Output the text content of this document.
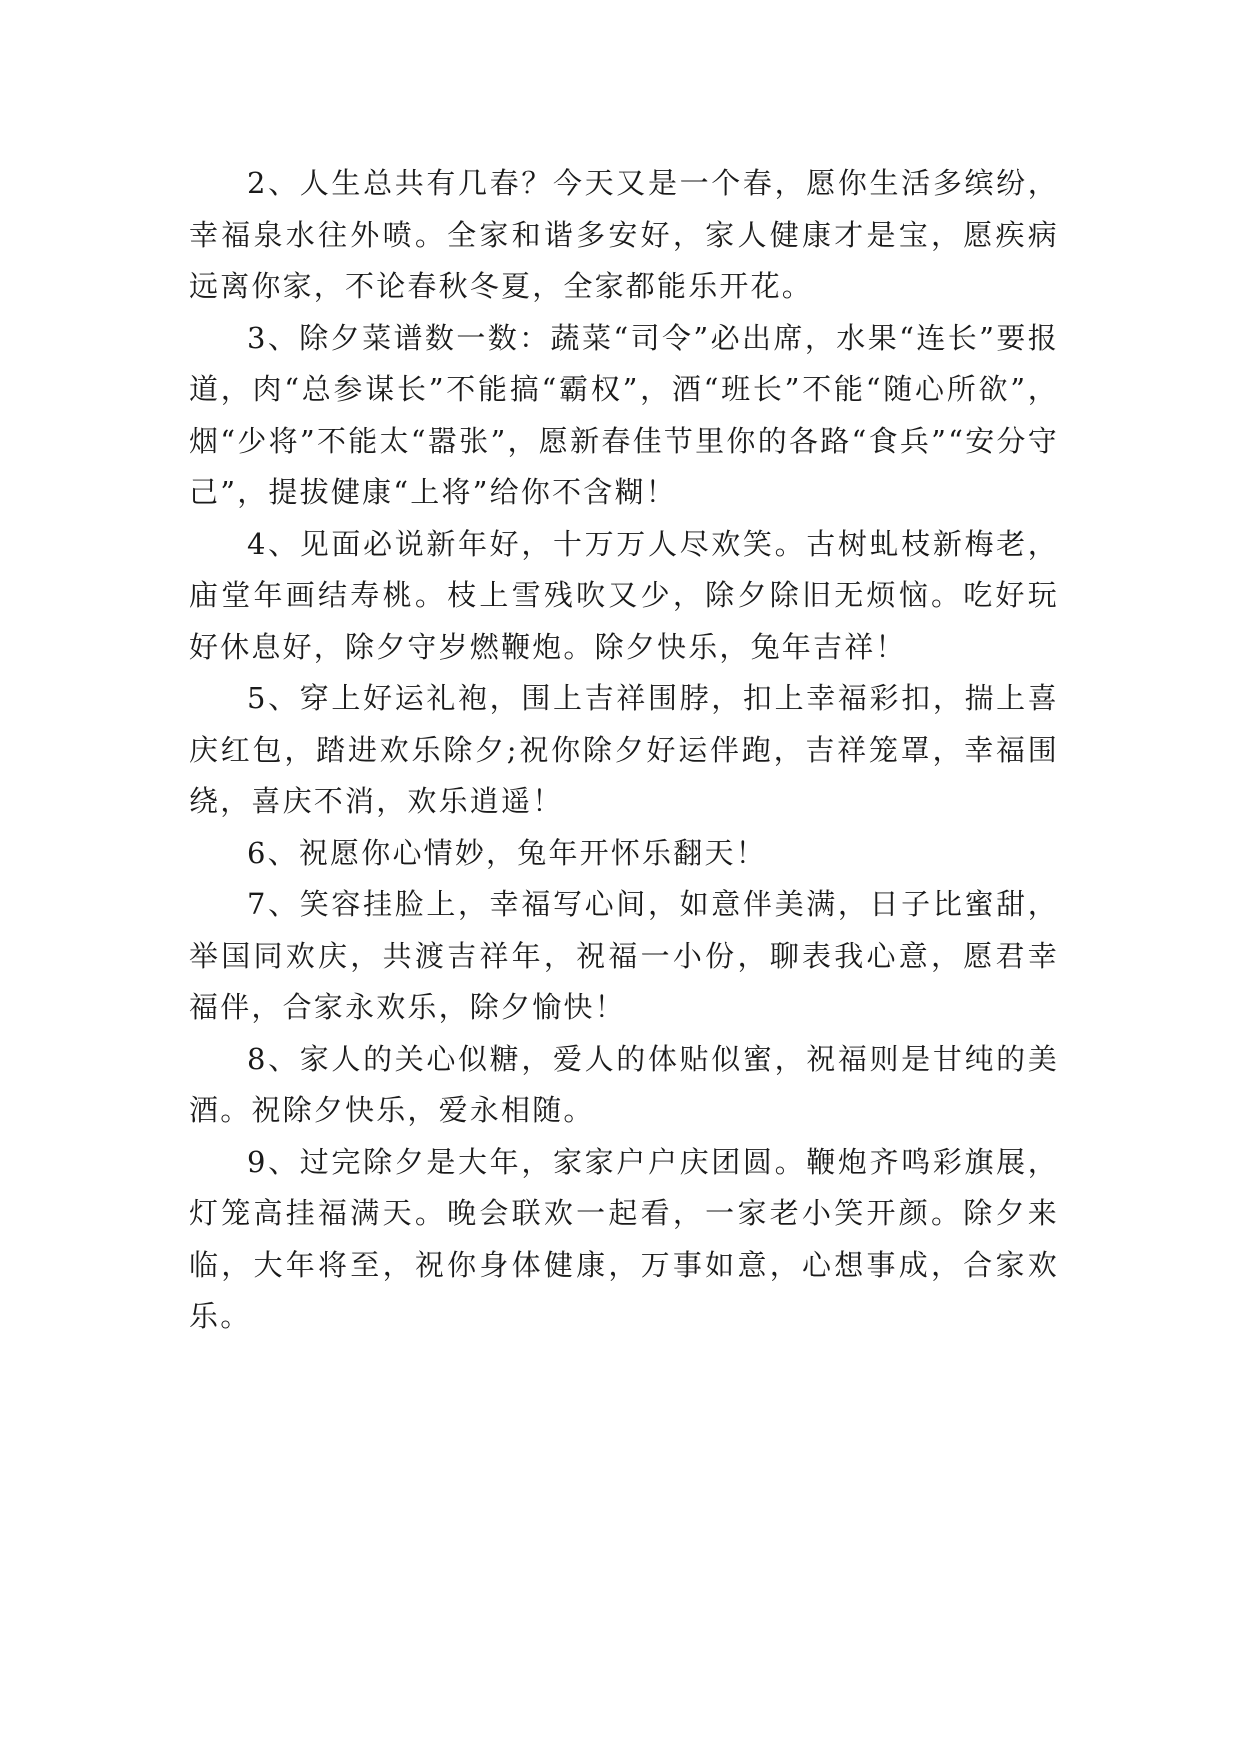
2、人生总共有几春？今天又是一个春，愿你生活多缤纷，幸福泉水往外喷。全家和谐多安好，家人健康才是宝，愿疾病远离你家，不论春秋冬夏，全家都能乐开花。

3、除夕菜谱数一数：蔬菜“司令”必出席，水果“连长”要报道，肉“总参谋长”不能搞“霸权”，酒“班长”不能“随心所欲”，烟“少将”不能太“嚣张”，愿新春佳节里你的各路“食兵”“安分守己”，提拔健康“上将”给你不含糊！

4、见面必说新年好，十万万人尽欢笑。古树虬枝新梅老，庙堂年画结寿桃。枝上雪残吹又少，除夕除旧无烦恼。吃好玩好休息好，除夕守岁燃鞭炮。除夕快乐，兔年吉祥！

5、穿上好运礼袍，围上吉祥围脖，扣上幸福彩扣，揣上喜庆红包，踏进欢乐除夕;祝你除夕好运伴跑，吉祥笼罩，幸福围绕，喜庆不消，欢乐逍遥！

6、祝愿你心情妙，兔年开怀乐翻天！

7、笑容挂脸上，幸福写心间，如意伴美满，日子比蜜甜，举国同欢庆，共渡吉祥年，祝福一小份，聊表我心意，愿君幸福伴，合家永欢乐，除夕愉快！

8、家人的关心似糖，爱人的体贴似蜜，祝福则是甘纯的美酒。祝除夕快乐，爱永相随。

9、过完除夕是大年，家家户户庆团圆。鞭炮齐鸣彩旗展，灯笼高挂福满天。晚会联欢一起看，一家老小笑开颜。除夕来临，大年将至，祝你身体健康，万事如意，心想事成，合家欢乐。
